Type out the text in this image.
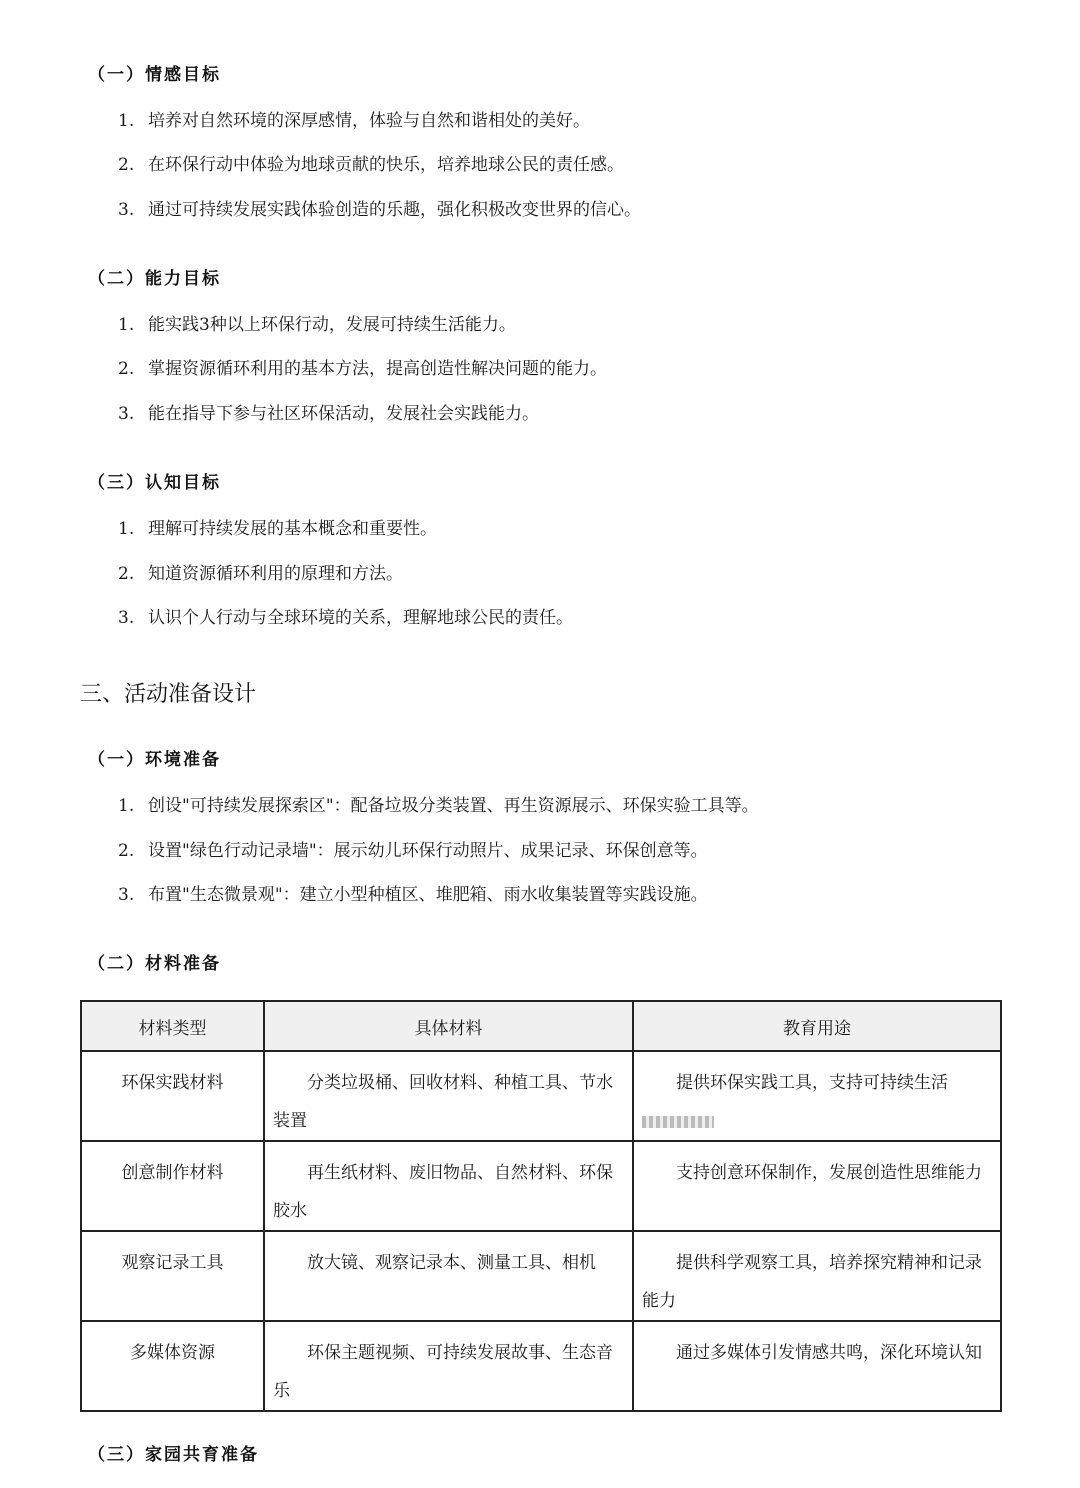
（一）情感目标
1. 培养对自然环境的深厚感情，体验与自然和谐相处的美好。
2. 在环保行动中体验为地球贡献的快乐，培养地球公民的责任感。
3. 通过可持续发展实践体验创造的乐趣，强化积极改变世界的信心。
（二）能力目标
1. 能实践3种以上环保行动，发展可持续生活能力。
2. 掌握资源循环利用的基本方法，提高创造性解决问题的能力。
3. 能在指导下参与社区环保活动，发展社会实践能力。
（三）认知目标
1. 理解可持续发展的基本概念和重要性。
2. 知道资源循环利用的原理和方法。
3. 认识个人行动与全球环境的关系，理解地球公民的责任。
三、活动准备设计
（一）环境准备
1. 创设"可持续发展探索区"：配备垃圾分类装置、再生资源展示、环保实验工具等。
2. 设置"绿色行动记录墙"：展示幼儿环保行动照片、成果记录、环保创意等。
3. 布置"生态微景观"：建立小型种植区、堆肥箱、雨水收集装置等实践设施。
（二）材料准备
材料类型	具体材料	教育用途
环保实践材料	分类垃圾桶、回收材料、种植工具、节水装置	提供环保实践工具，支持可持续生活

创意制作材料	再生纸材料、废旧物品、自然材料、环保胶水	支持创意环保制作，发展创造性思维能力
观察记录工具	放大镜、观察记录本、测量工具、相机	提供科学观察工具，培养探究精神和记录能力
多媒体资源	环保主题视频、可持续发展故事、生态音乐	通过多媒体引发情感共鸣，深化环境认知
（三）家园共育准备
